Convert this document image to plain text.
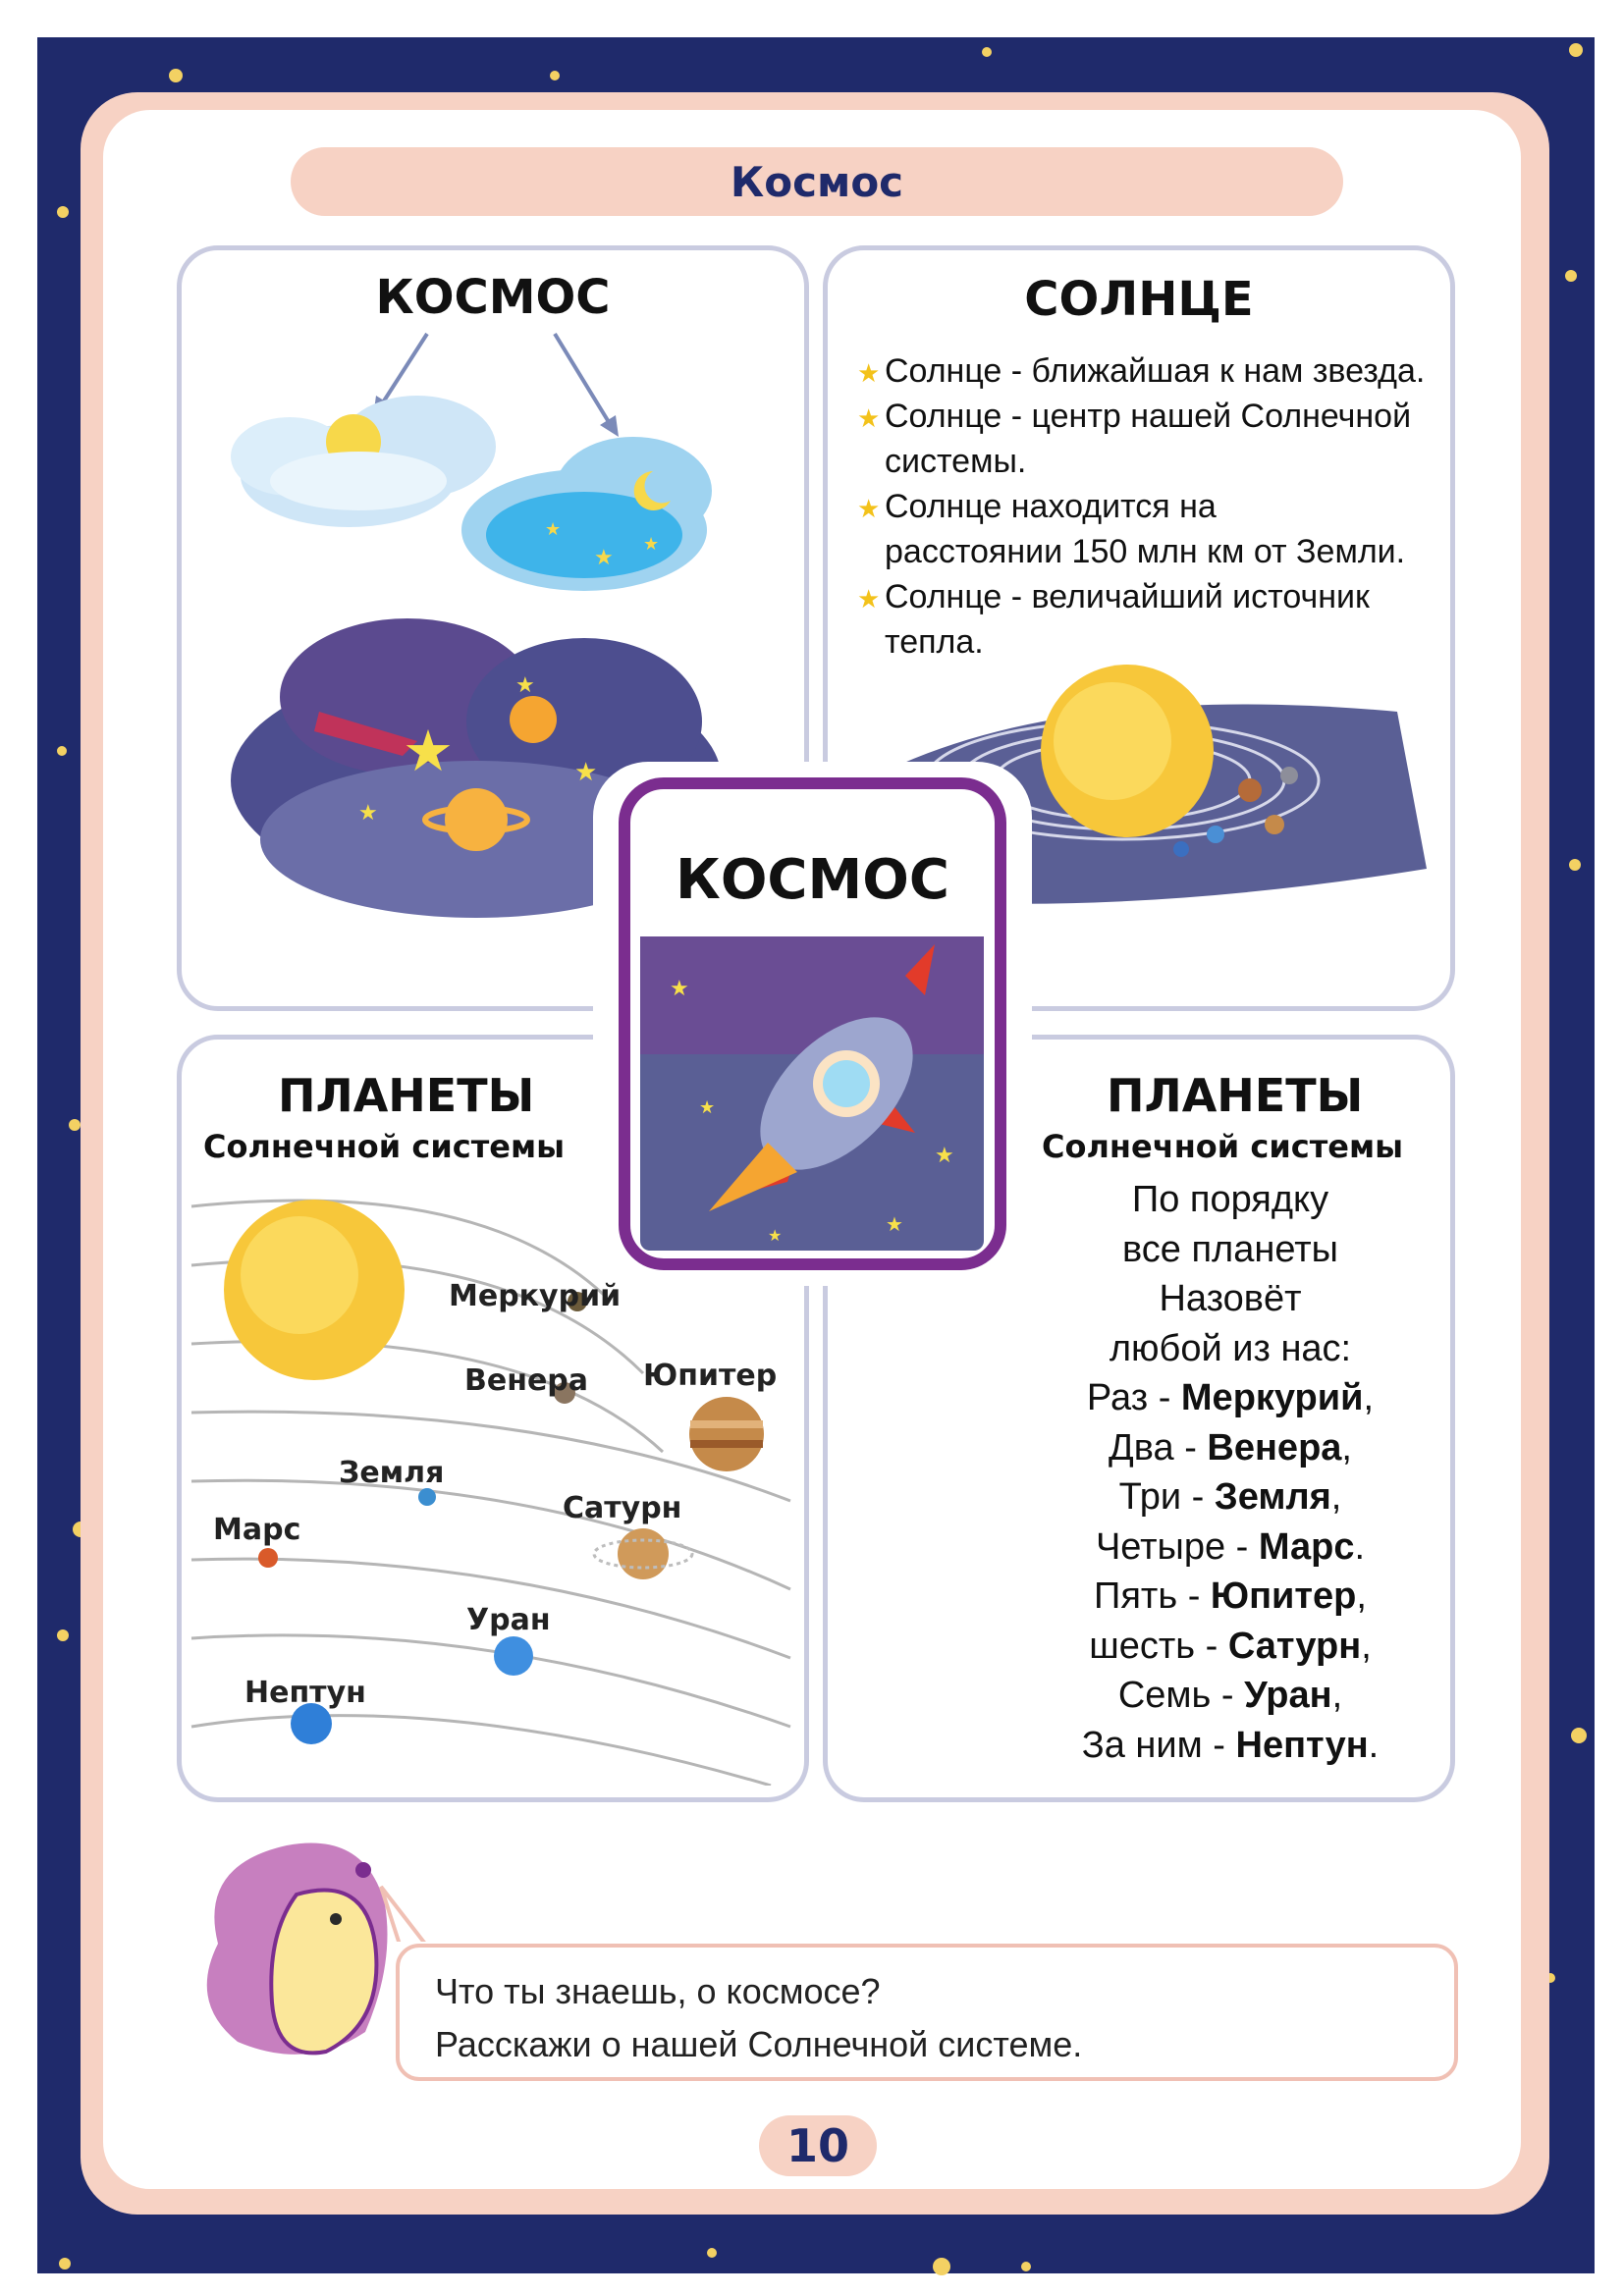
Космос
КОСМОС
★
★
★
★	★
★
★
СОЛНЦЕ
★ Солнце - ближайшая к нам звезда.
★ Солнце - центр нашей Солнечной
системы.
★ Солнце находится на
расстоянии 150 млн км от Земли.
★ Солнце - величайший источник
тепла.
ПЛАНЕТЫ
Солнечной системы
Меркурий
Венера Юпитер
Земля
Марс
Сатурн
Уран
Нептун
ПЛАНЕТЫ
Солнечной системы
По порядку
все планеты
Назовёт
любой из нас:
Раз - Меркурий,
Два - Венера,
Три - Земля,
Четыре - Марс.
Пять - Юпитер,
шесть - Сатурн,
Семь - Уран,
За ним - Нептун.
КОСМОС
★
★
★
★
★
Что ты знаешь, о космосе?
Расскажи о нашей Солнечной системе.
10
